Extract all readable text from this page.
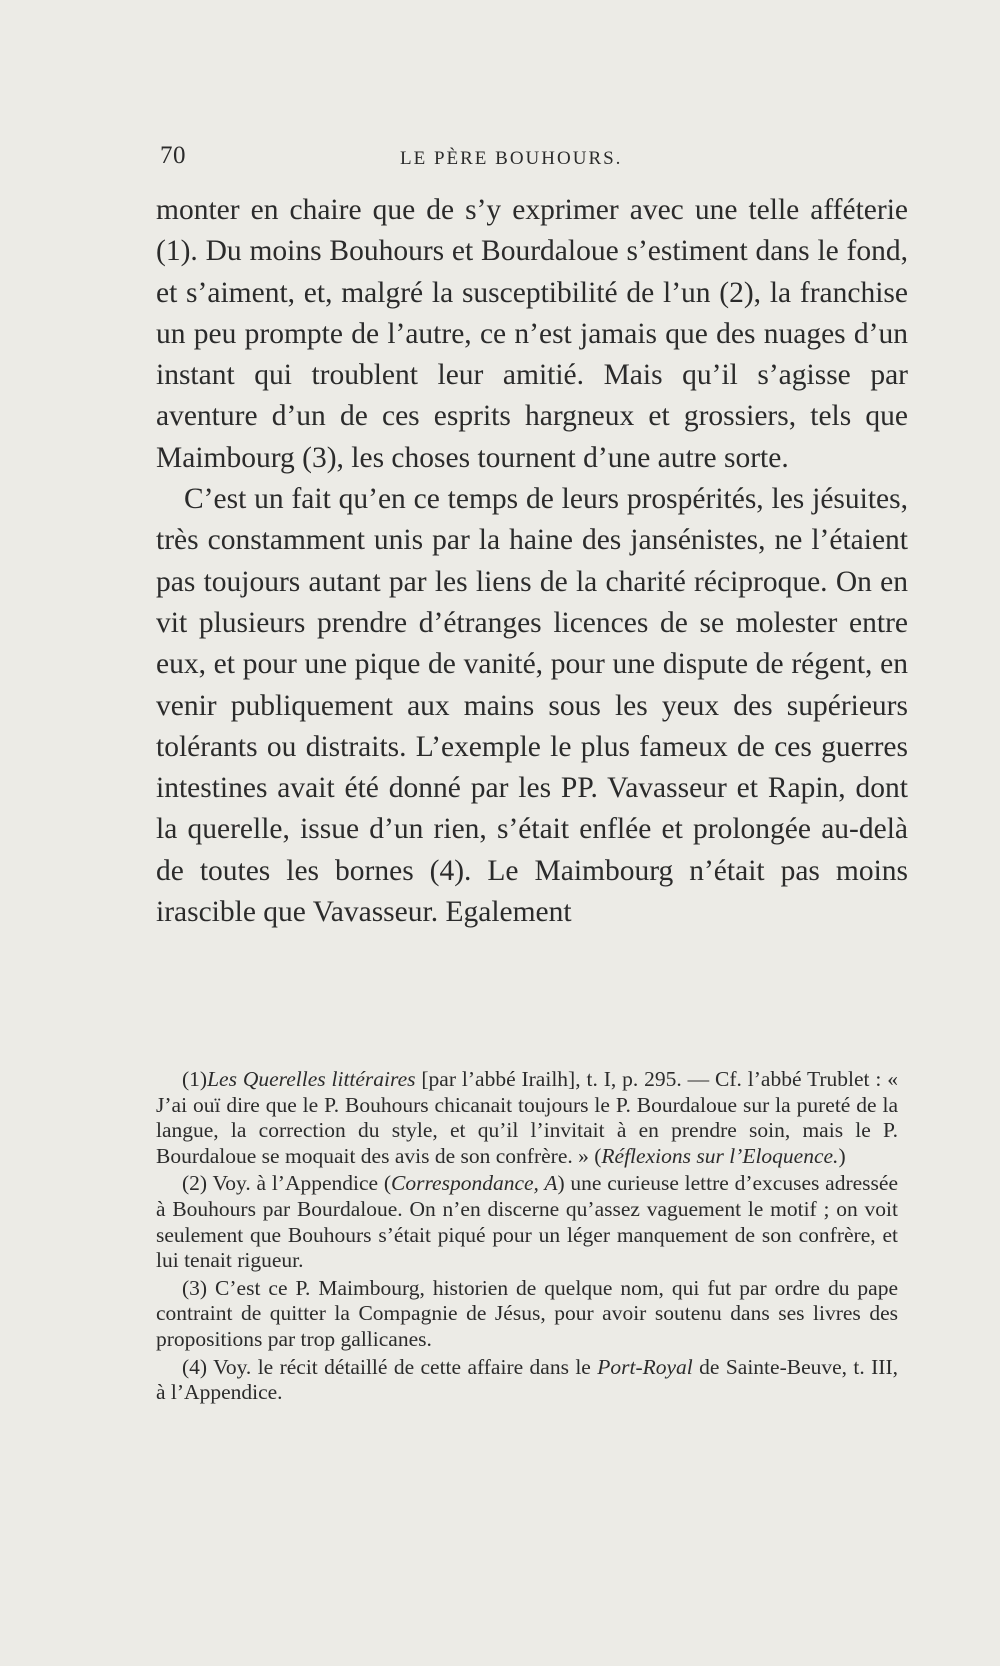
70	LE PÈRE BOUHOURS.

monter en chaire que de s’y exprimer avec une telle afféterie (1). Du moins Bouhours et Bourdaloue s’estiment dans le fond, et s’aiment, et, malgré la susceptibilité de l’un (2), la franchise un peu prompte de l’autre, ce n’est jamais que des nuages d’un instant qui troublent leur amitié. Mais qu’il s’agisse par aventure d’un de ces esprits hargneux et grossiers, tels que Maimbourg (3), les choses tournent d’une autre sorte.

C’est un fait qu’en ce temps de leurs prospérités, les jésuites, très constamment unis par la haine des jansénistes, ne l’étaient pas toujours autant par les liens de la charité réciproque. On en vit plusieurs prendre d’étranges licences de se molester entre eux, et pour une pique de vanité, pour une dispute de régent, en venir publiquement aux mains sous les yeux des supérieurs tolérants ou distraits. L’exemple le plus fameux de ces guerres intestines avait été donné par les PP. Vavasseur et Rapin, dont la querelle, issue d’un rien, s’était enflée et prolongée au-delà de toutes les bornes (4). Le Maimbourg n’était pas moins irascible que Vavasseur. Egalement

(1)Les Querelles littéraires [par l’abbé Irailh], t. I, p. 295. — Cf. l’abbé Trublet : « J’ai ouï dire que le P. Bouhours chicanait toujours le P. Bourdaloue sur la pureté de la langue, la correction du style, et qu’il l’invitait à en prendre soin, mais le P. Bourdaloue se moquait des avis de son confrère. » (Réflexions sur l’Eloquence.)

(2) Voy. à l’Appendice (Correspondance, A) une curieuse lettre d’excuses adressée à Bouhours par Bourdaloue. On n’en discerne qu’assez vaguement le motif ; on voit seulement que Bouhours s’était piqué pour un léger manquement de son confrère, et lui tenait rigueur.

(3) C’est ce P. Maimbourg, historien de quelque nom, qui fut par ordre du pape contraint de quitter la Compagnie de Jésus, pour avoir soutenu dans ses livres des propositions par trop gallicanes.

(4) Voy. le récit détaillé de cette affaire dans le Port-Royal de Sainte-Beuve, t. III, à l’Appendice.
